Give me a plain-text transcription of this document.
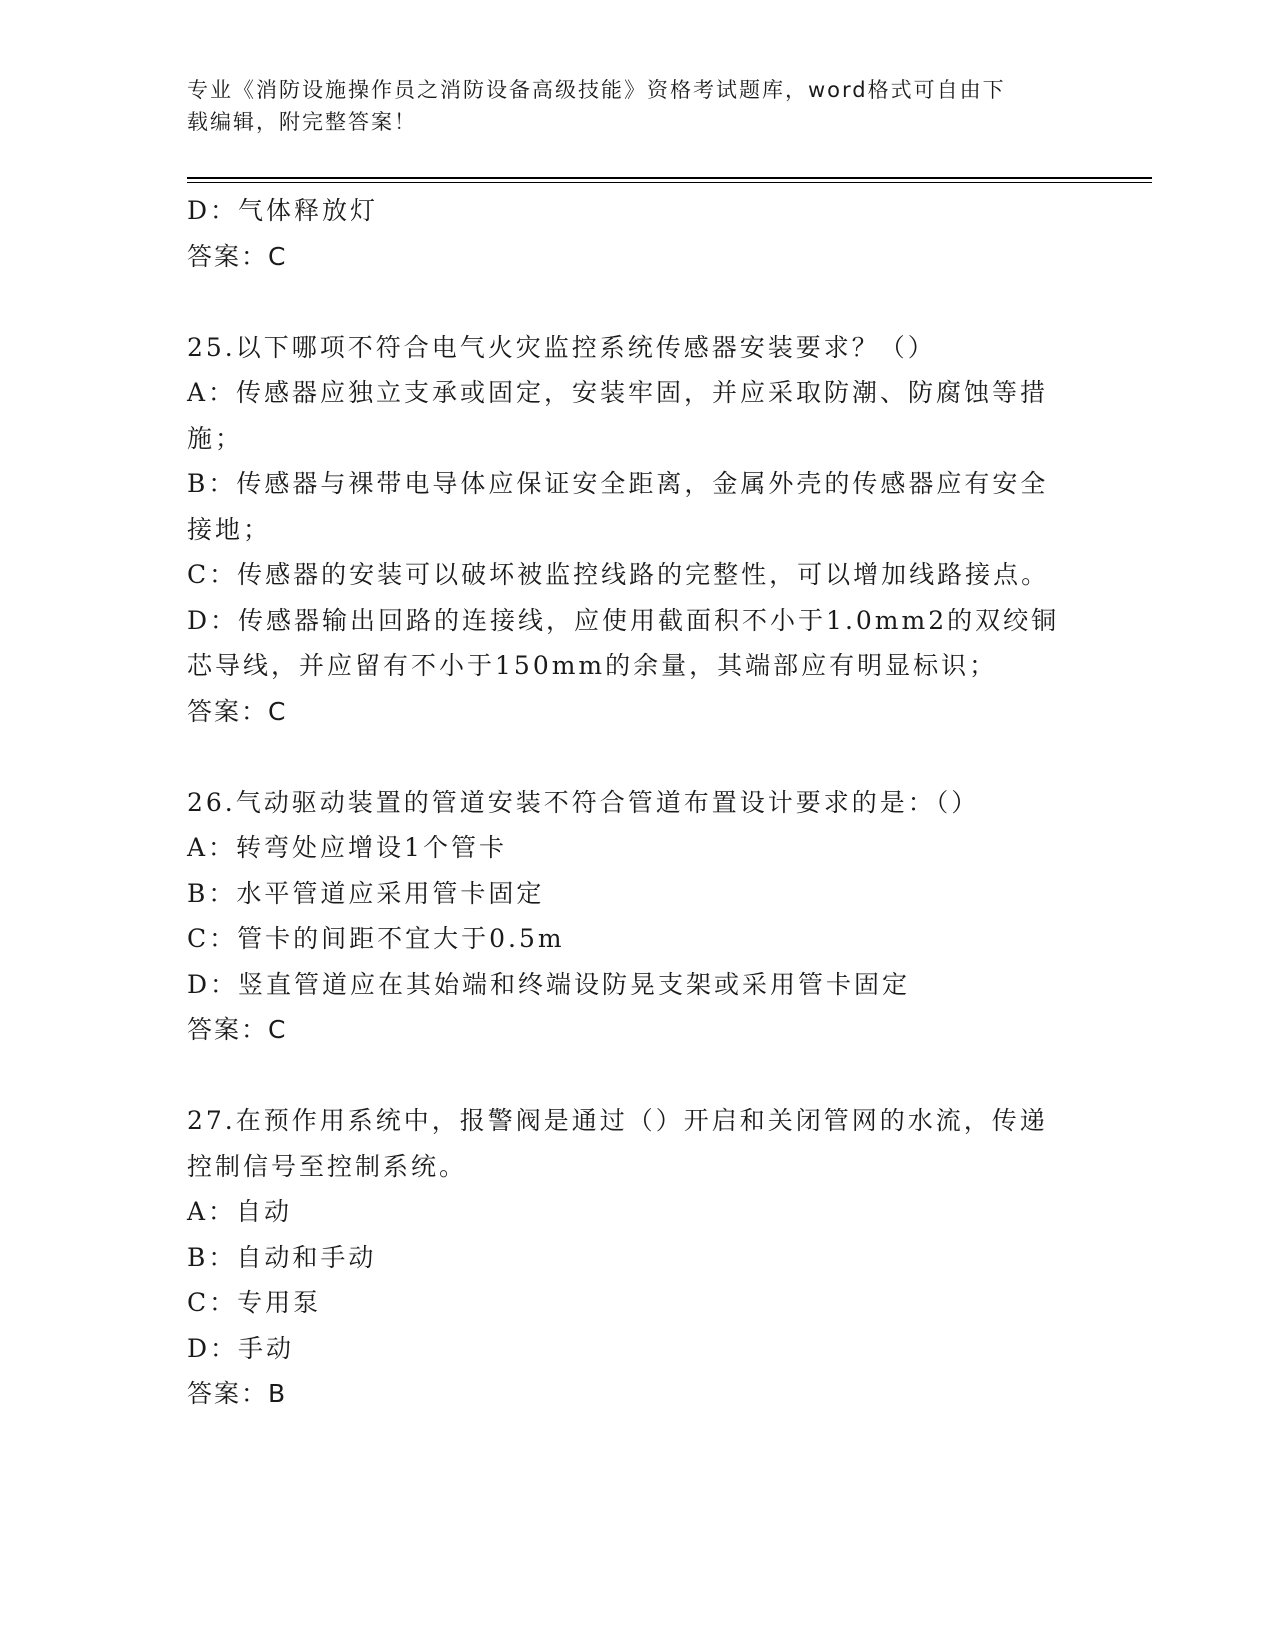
专业《消防设施操作员之消防设备高级技能》资格考试题库，word格式可自由下
载编辑，附完整答案！
D：气体释放灯
答案：C
25.以下哪项不符合电气火灾监控系统传感器安装要求？（）
A：传感器应独立支承或固定，安装牢固，并应采取防潮、防腐蚀等措
施；
B：传感器与裸带电导体应保证安全距离，金属外壳的传感器应有安全
接地；
C：传感器的安装可以破坏被监控线路的完整性，可以增加线路接点。
D：传感器输出回路的连接线，应使用截面积不小于1.0mm2的双绞铜
芯导线，并应留有不小于150mm的余量，其端部应有明显标识；
答案：C
26.气动驱动装置的管道安装不符合管道布置设计要求的是：（）
A：转弯处应增设1个管卡
B：水平管道应采用管卡固定
C：管卡的间距不宜大于0.5m
D：竖直管道应在其始端和终端设防晃支架或采用管卡固定
答案：C
27.在预作用系统中，报警阀是通过（）开启和关闭管网的水流，传递
控制信号至控制系统。
A：自动
B：自动和手动
C：专用泵
D：手动
答案：B
